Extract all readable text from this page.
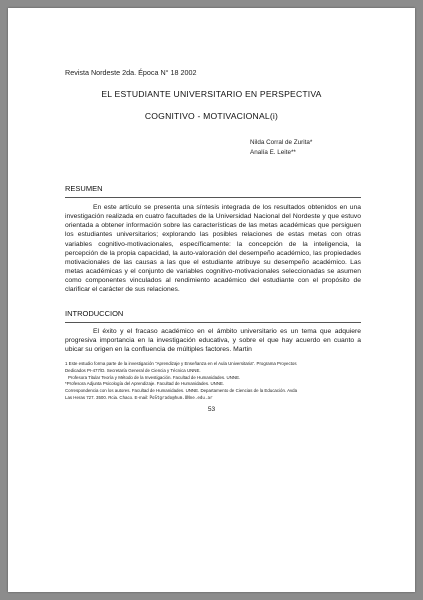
Revista Nordeste 2da. Época N° 18 2002

EL ESTUDIANTE UNIVERSITARIO EN PERSPECTIVA

COGNITIVO - MOTIVACIONAL(i)

Nilda Corral de Zurita*

Analía E. Leite**

RESUMEN

En este artículo se presenta una síntesis integrada de los resultados obtenidos en una investigación realizada en cuatro facultades de la Universidad Nacional del Nordeste y que estuvo orientada a obtener información sobre las características de las metas académicas que persiguen los estudiantes universitarios; explorando las posibles relaciones de estas metas con otras variables cognitivo-motivacionales, específicamente: la concepción de la inteligencia, la percepción de la propia capacidad, la auto-valoración del desempeño académico, las propiedades motivacionales de las causas a las que el estudiante atribuye su desempeño académico. Las metas académicas y el conjunto de variables cognitivo-motivacionales seleccionadas se asumen como componentes vinculados al rendimiento académico del estudiante con el propósito de clarificar el carácter de sus relaciones.

INTRODUCCION

El éxito y el fracaso académico en el ámbito universitario es un tema que adquiere progresiva importancia en la investigación educativa, y sobre el que hay acuerdo en cuanto a ubicar su origen en la confluencia de múltiples factores. Martin

1 Este estudio forma parte de la investigación "Aprendizaje y Enseñanza en el Aula Universitaria". Programa Proyectos

Dedicados PI-477/D. Secretaría General de Ciencia y Técnica UNNE.

Profesora Titular Teoría y Método de la Investigación. Facultad de Humanidades. UNNE.

*Profesora Adjunta Psicología del Aprendizaje. Facultad de Humanidades. UNNE.

Correspondencia con los autores. Facultad de Humanidades. UNNE. Departamento de Ciencias de la Educación. Avda

Las Heras 727. 3500. Rcia. Chaco. E-mail: PoStgrado@hum.UNne.edu.ar

53
